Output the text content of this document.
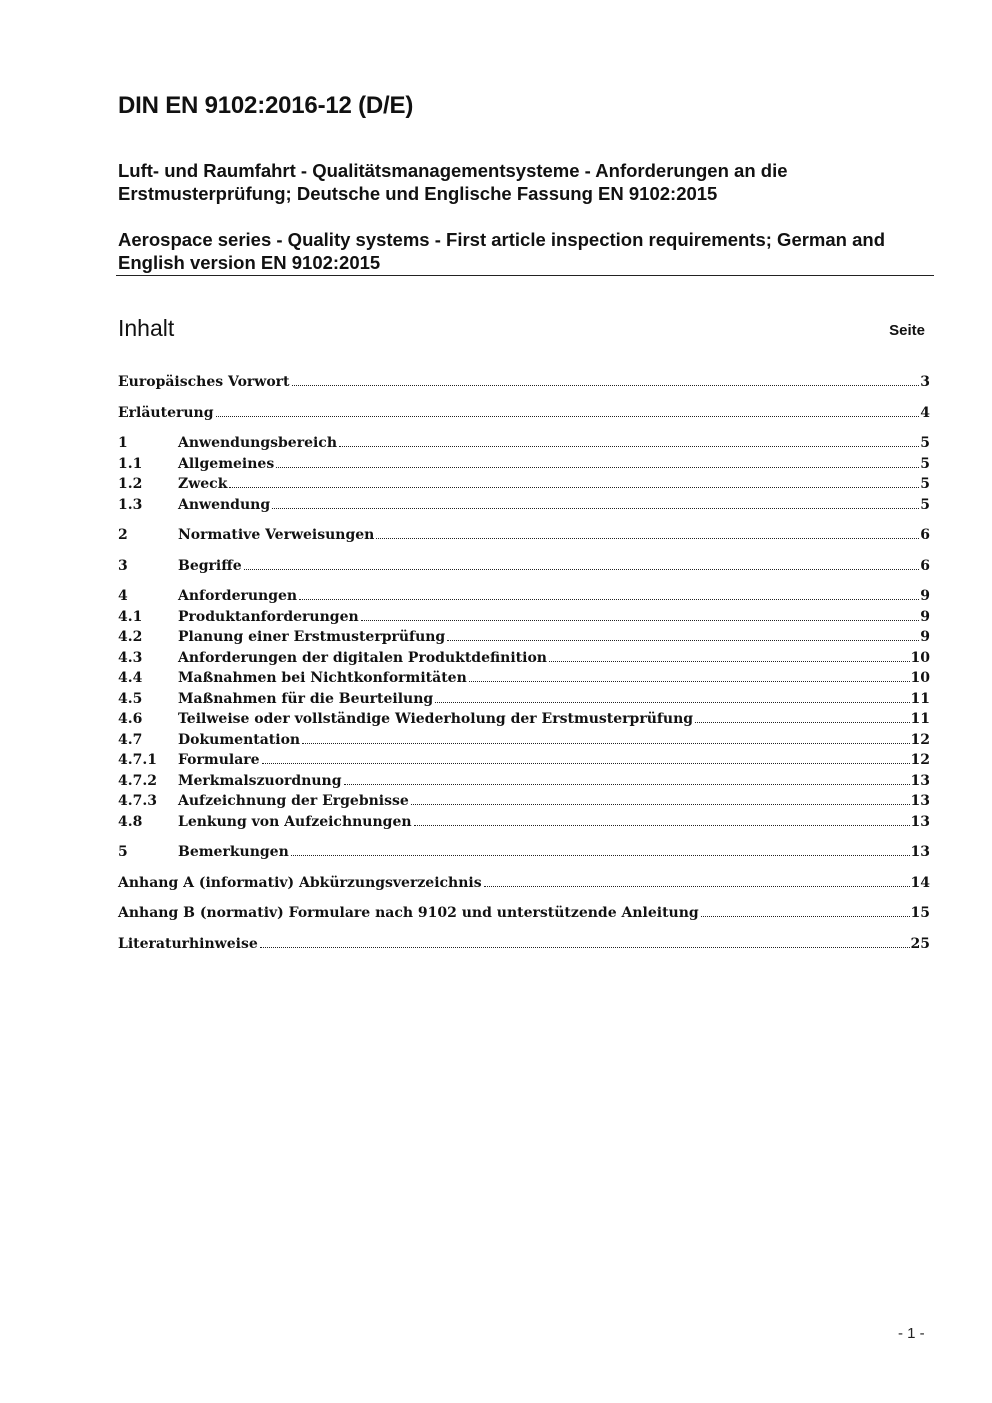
DIN EN 9102:2016-12 (D/E)

Luft- und Raumfahrt - Qualitätsmanagementsysteme - Anforderungen an die Erstmusterprüfung; Deutsche und Englische Fassung EN 9102:2015

Aerospace series - Quality systems - First article inspection requirements; German and English version EN 9102:2015

Inhalt	Seite
Europäisches Vorwort	3
Erläuterung	4
1	Anwendungsbereich	5
1.1	Allgemeines	5
1.2	Zweck	5
1.3	Anwendung	5
2	Normative Verweisungen	6
3	Begriffe	6
4	Anforderungen	9
4.1	Produktanforderungen	9
4.2	Planung einer Erstmusterprüfung	9
4.3	Anforderungen der digitalen Produktdefinition	10
4.4	Maßnahmen bei Nichtkonformitäten	10
4.5	Maßnahmen für die Beurteilung	11
4.6	Teilweise oder vollständige Wiederholung der Erstmusterprüfung	11
4.7	Dokumentation	12
4.7.1	Formulare	12
4.7.2	Merkmalszuordnung	13
4.7.3	Aufzeichnung der Ergebnisse	13
4.8	Lenkung von Aufzeichnungen	13
5	Bemerkungen	13
Anhang A (informativ) Abkürzungsverzeichnis	14
Anhang B (normativ) Formulare nach 9102 und unterstützende Anleitung	15
Literaturhinweise	25
- 1 -
